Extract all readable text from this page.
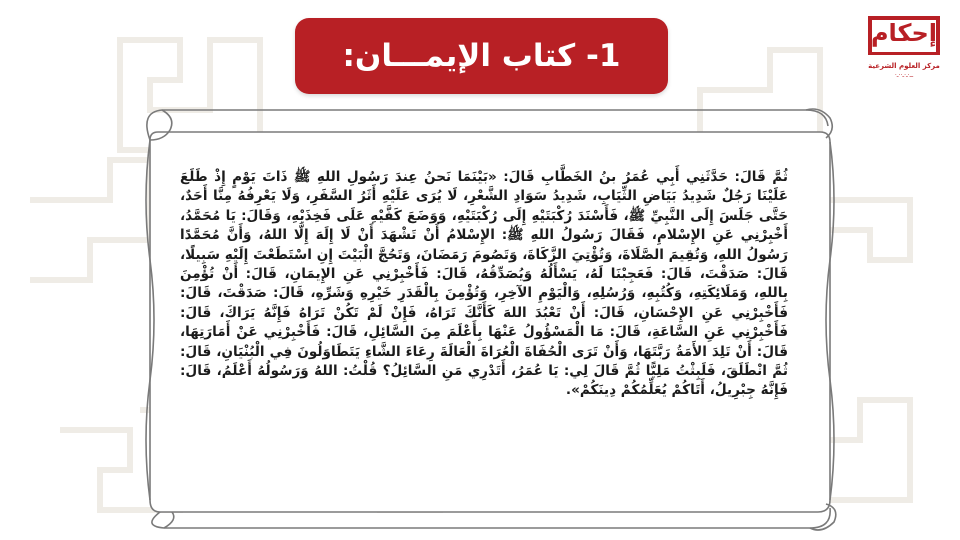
إحكام
مركز العلوم الشرعية
·ــ·ـ·ـ··ـ
1- كتاب الإيمـــان:
ثُمَّ قَالَ: حَدَّثَنِي أَبِي عُمَرُ بنُ الخَطَّابِ قَالَ: «بَيْنَمَا نَحنُ عِندَ رَسُولِ اللهِ ﷺ ذَاتَ يَوْمٍ إِذْ طَلَعَ عَلَيْنَا رَجُلٌ شَدِيدُ بَيَاضِ الثِّيَابِ، شَدِيدُ سَوَادِ الشَّعْرِ، لَا يُرَى عَلَيْهِ أَثَرُ السَّفَرِ، وَلَا يَعْرِفُهُ مِنَّا أَحَدٌ، حَتَّى جَلَسَ إِلَى النَّبِيِّ ﷺ، فَأَسْنَدَ رُكْبَتَيْهِ إِلَى رُكْبَتَيْهِ، وَوَضَعَ كَفَّيْهِ عَلَى فَخِذَيْهِ، وَقَالَ: يَا مُحَمَّدُ، أَخْبِرْنِي عَنِ الإِسْلامِ، فَقَالَ رَسُولُ اللهِ ﷺ: الإِسْلامُ أَنْ تَشْهَدَ أَنْ لَا إِلَهَ إِلَّا اللهُ، وَأَنَّ مُحَمَّدًا رَسُولُ اللهِ، وَتُقِيمَ الصَّلَاةَ، وَتُؤْتِيَ الزَّكَاةَ، وَتَصُومَ رَمَضَانَ، وَتَحُجَّ الْبَيْتَ إِنِ اسْتَطَعْتَ إِلَيْهِ سَبِيلًا، قَالَ: صَدَقْتَ، قَالَ: فَعَجِبْنَا لَهُ، يَسْأَلُهُ وَيُصَدِّقُهُ، قَالَ: فَأَخْبِرْنِي عَنِ الإِيمَانِ، قَالَ: أَنْ تُؤْمِنَ بِاللهِ، وَمَلَائِكَتِهِ، وَكُتُبِهِ، وَرُسُلِهِ، وَالْيَوْمِ الآخِرِ، وَتُؤْمِنَ بِالْقَدَرِ خَيْرِهِ وَشَرِّهِ، قَالَ: صَدَقْتَ، قَالَ: فَأَخْبِرْنِي عَنِ الإِحْسَانِ، قَالَ: أَنْ تَعْبُدَ اللهَ كَأَنَّكَ تَرَاهُ، فَإِنْ لَمْ تَكُنْ تَرَاهُ فَإِنَّهُ يَرَاكَ، قَالَ: فَأَخْبِرْنِي عَنِ السَّاعَةِ، قَالَ: مَا الْمَسْؤُولُ عَنْهَا بِأَعْلَمَ مِنَ السَّائِلِ، قَالَ: فَأَخْبِرْنِي عَنْ أَمَارَتِهَا، قَالَ: أَنْ تَلِدَ الأَمَةُ رَبَّتَهَا، وَأَنْ تَرَى الْحُفَاةَ الْعُرَاةَ الْعَالَةَ رِعَاءَ الشَّاءِ يَتَطَاوَلُونَ فِي الْبُنْيَانِ، قَالَ: ثُمَّ انْطَلَقَ، فَلَبِثْتُ مَلِيًّا ثُمَّ قَالَ لِي: يَا عُمَرُ، أَتَدْرِي مَنِ السَّائِلُ؟ قُلْتُ: اللهُ وَرَسُولُهُ أَعْلَمُ، قَالَ: فَإِنَّهُ جِبْرِيلُ، أَتَاكُمْ يُعَلِّمُكُمْ دِينَكُمْ».
